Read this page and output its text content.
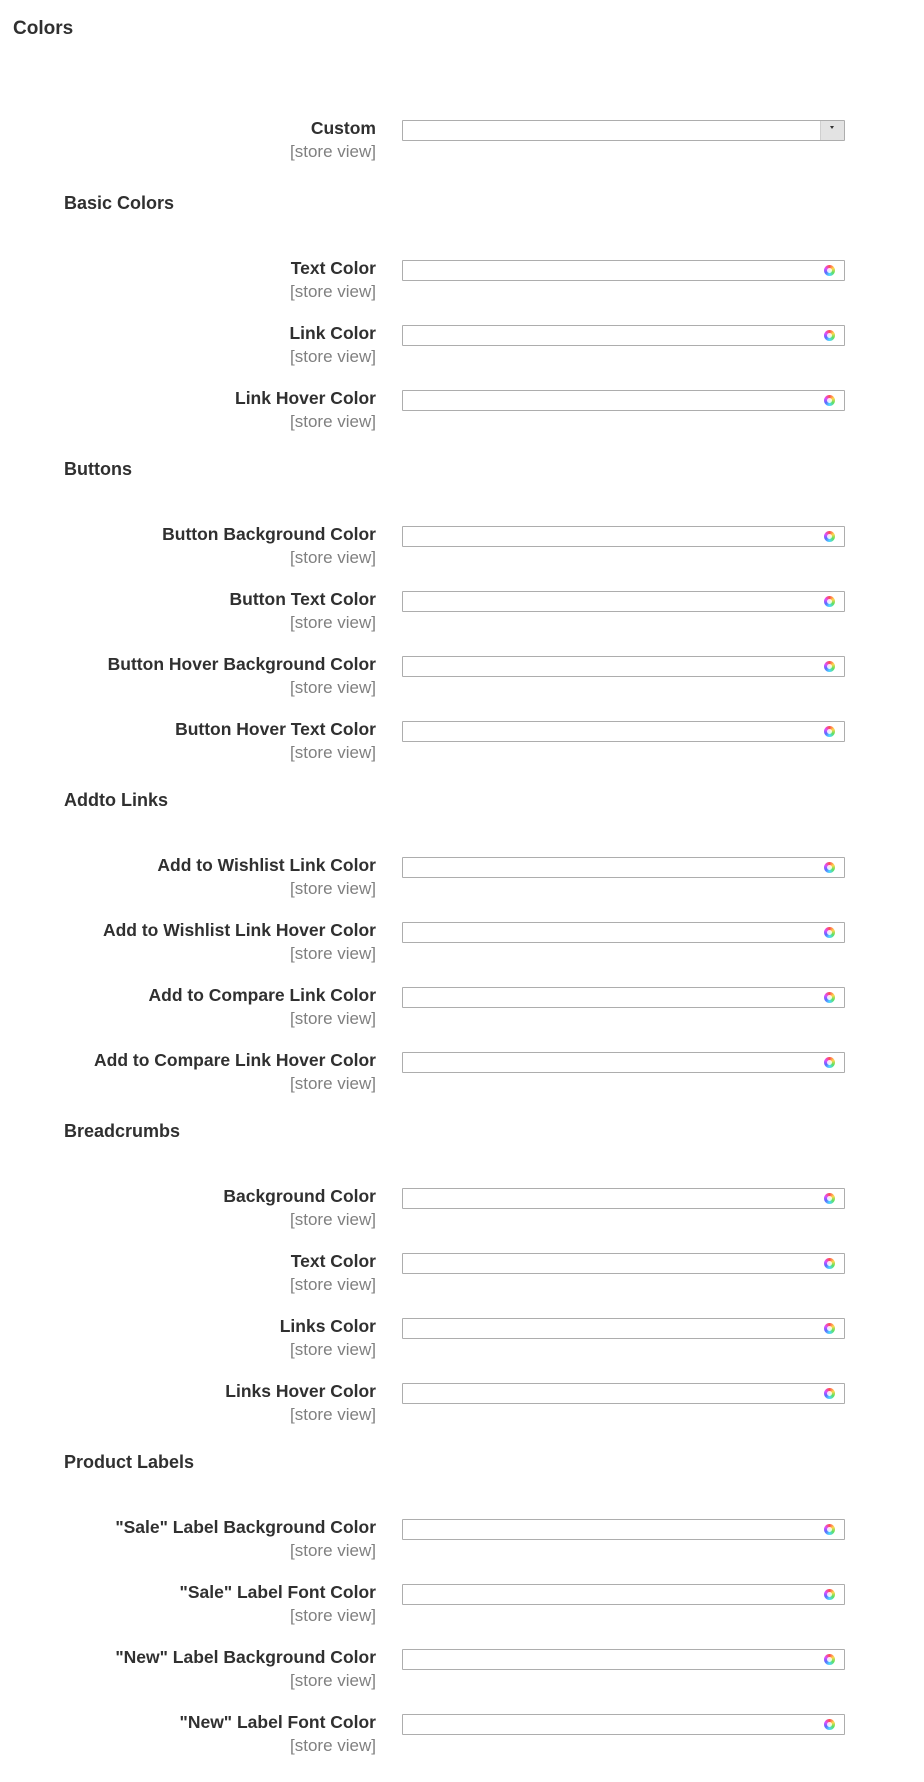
Colors
Custom
[store view]
Basic Colors
Text Color
[store view]
Link Color
[store view]
Link Hover Color
[store view]
Buttons
Button Background Color
[store view]
Button Text Color
[store view]
Button Hover Background Color
[store view]
Button Hover Text Color
[store view]
Addto Links
Add to Wishlist Link Color
[store view]
Add to Wishlist Link Hover Color
[store view]
Add to Compare Link Color
[store view]
Add to Compare Link Hover Color
[store view]
Breadcrumbs
Background Color
[store view]
Text Color
[store view]
Links Color
[store view]
Links Hover Color
[store view]
Product Labels
"Sale" Label Background Color
[store view]
"Sale" Label Font Color
[store view]
"New" Label Background Color
[store view]
"New" Label Font Color
[store view]
